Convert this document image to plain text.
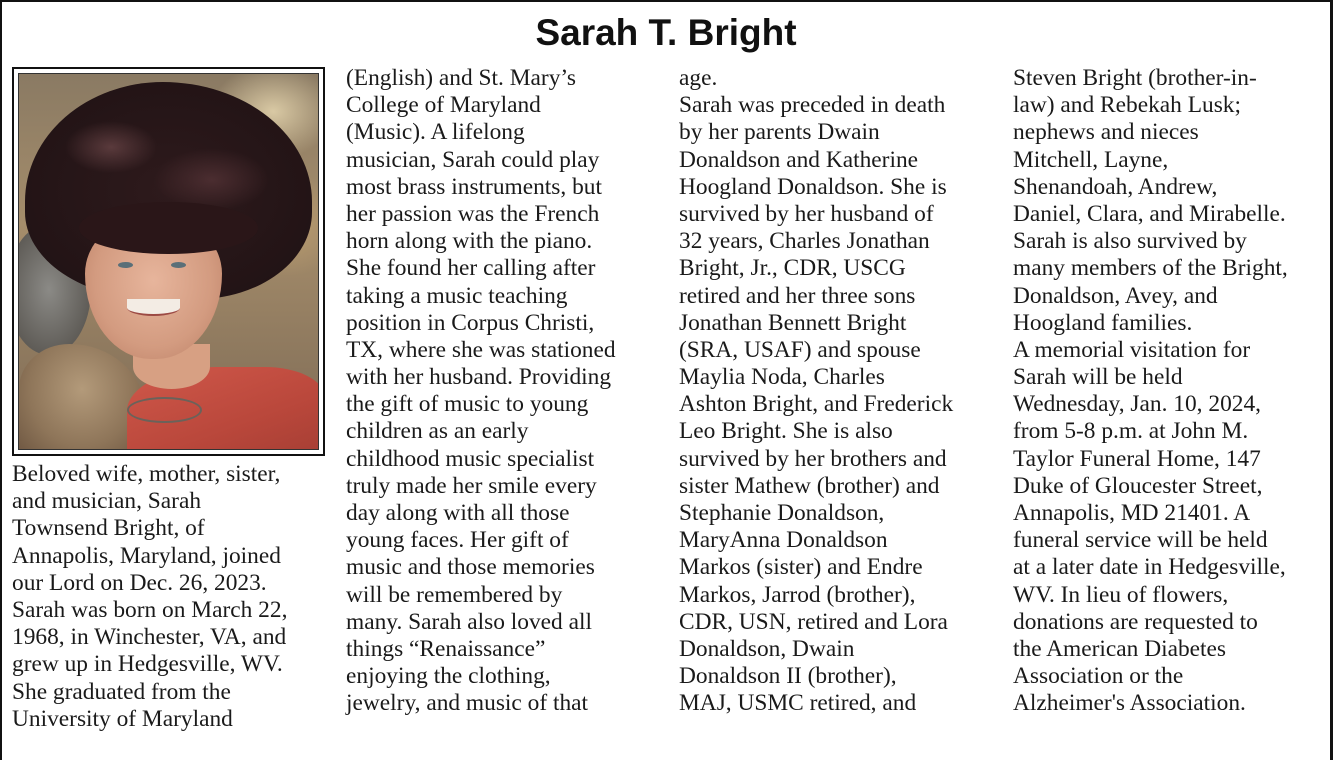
Sarah T. Bright
Beloved wife, mother, sister,
and musician, Sarah
Townsend Bright, of
Annapolis, Maryland, joined
our Lord on Dec. 26, 2023.
Sarah was born on March 22,
1968, in Winchester, VA, and
grew up in Hedgesville, WV.
She graduated from the
University of Maryland
(English) and St. Mary’s
College of Maryland
(Music). A lifelong
musician, Sarah could play
most brass instruments, but
her passion was the French
horn along with the piano.
She found her calling after
taking a music teaching
position in Corpus Christi,
TX, where she was stationed
with her husband. Providing
the gift of music to young
children as an early
childhood music specialist
truly made her smile every
day along with all those
young faces. Her gift of
music and those memories
will be remembered by
many. Sarah also loved all
things “Renaissance”
enjoying the clothing,
jewelry, and music of that
age.
Sarah was preceded in death
by her parents Dwain
Donaldson and Katherine
Hoogland Donaldson. She is
survived by her husband of
32 years, Charles Jonathan
Bright, Jr., CDR, USCG
retired and her three sons
Jonathan Bennett Bright
(SRA, USAF) and spouse
Maylia Noda, Charles
Ashton Bright, and Frederick
Leo Bright. She is also
survived by her brothers and
sister Mathew (brother) and
Stephanie Donaldson,
MaryAnna Donaldson
Markos (sister) and Endre
Markos, Jarrod (brother),
CDR, USN, retired and Lora
Donaldson, Dwain
Donaldson II (brother),
MAJ, USMC retired, and
Steven Bright (brother-in-
law) and Rebekah Lusk;
nephews and nieces
Mitchell, Layne,
Shenandoah, Andrew,
Daniel, Clara, and Mirabelle.
Sarah is also survived by
many members of the Bright,
Donaldson, Avey, and
Hoogland families.
A memorial visitation for
Sarah will be held
Wednesday, Jan. 10, 2024,
from 5-8 p.m. at John M.
Taylor Funeral Home, 147
Duke of Gloucester Street,
Annapolis, MD 21401. A
funeral service will be held
at a later date in Hedgesville,
WV. In lieu of flowers,
donations are requested to
the American Diabetes
Association or the
Alzheimer's Association.
